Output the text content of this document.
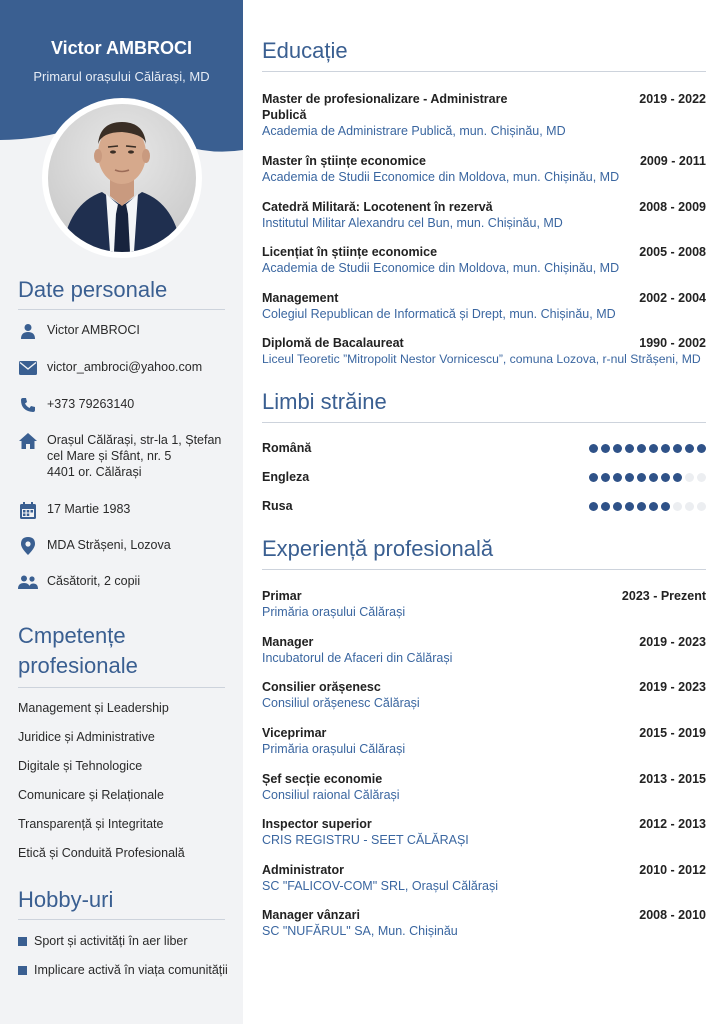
Victor AMBROCI
Primarul orașului Călărași, MD
Date personale
Victor AMBROCI
victor_ambroci@yahoo.com
+373 79263140
Orașul Călărași, str-la 1, Ștefan
cel Mare și Sfânt, nr. 5
4401 or. Călărași
17 Martie 1983
MDA Strășeni, Lozova
Căsătorit, 2 copii
Cmpetențe
profesionale
Management și Leadership
Juridice și Administrative
Digitale și Tehnologice
Comunicare și Relaționale
Transparență și Integritate
Etică și Conduită Profesională
Hobby-uri
Sport și activități în aer liber
Implicare activă în viața comunității
Educație
Master de profesionalizare - Administrare Publică
2019 - 2022
Academia de Administrare Publică, mun. Chișinău, MD
Master în științe economice	2009 - 2011
Academia de Studii Economice din Moldova, mun. Chișinău, MD
Catedră Militară: Locotenent în rezervă	2008 - 2009
Institutul Militar Alexandru cel Bun, mun. Chișinău, MD
Licențiat în științe economice	2005 - 2008
Academia de Studii Economice din Moldova, mun. Chișinău, MD
Management	2002 - 2004
Colegiul Republican de Informatică și Drept, mun. Chișinău, MD
Diplomă de Bacalaureat	1990 - 2002
Liceul Teoretic ”Mitropolit Nestor Vornicescu”, comuna Lozova, r-nul Strășeni, MD
Limbi străine
Română
Engleza
Rusa
Experiență profesională
Primar	2023 - Prezent
Primăria orașului Călărași
Manager	2019 - 2023
Incubatorul de Afaceri din Călărași
Consilier orășenesc	2019 - 2023
Consiliul orășenesc Călărași
Viceprimar	2015 - 2019
Primăria orașului Călărași
Șef secție economie	2013 - 2015
Consiliul raional Călărași
Inspector superior	2012 - 2013
CRIS REGISTRU - SEET CĂLĂRAȘI
Administrator	2010 - 2012
SC "FALICOV-COM" SRL, Orașul Călărași
Manager vânzari	2008 - 2010
SC "NUFĂRUL" SA, Mun. Chișinău
